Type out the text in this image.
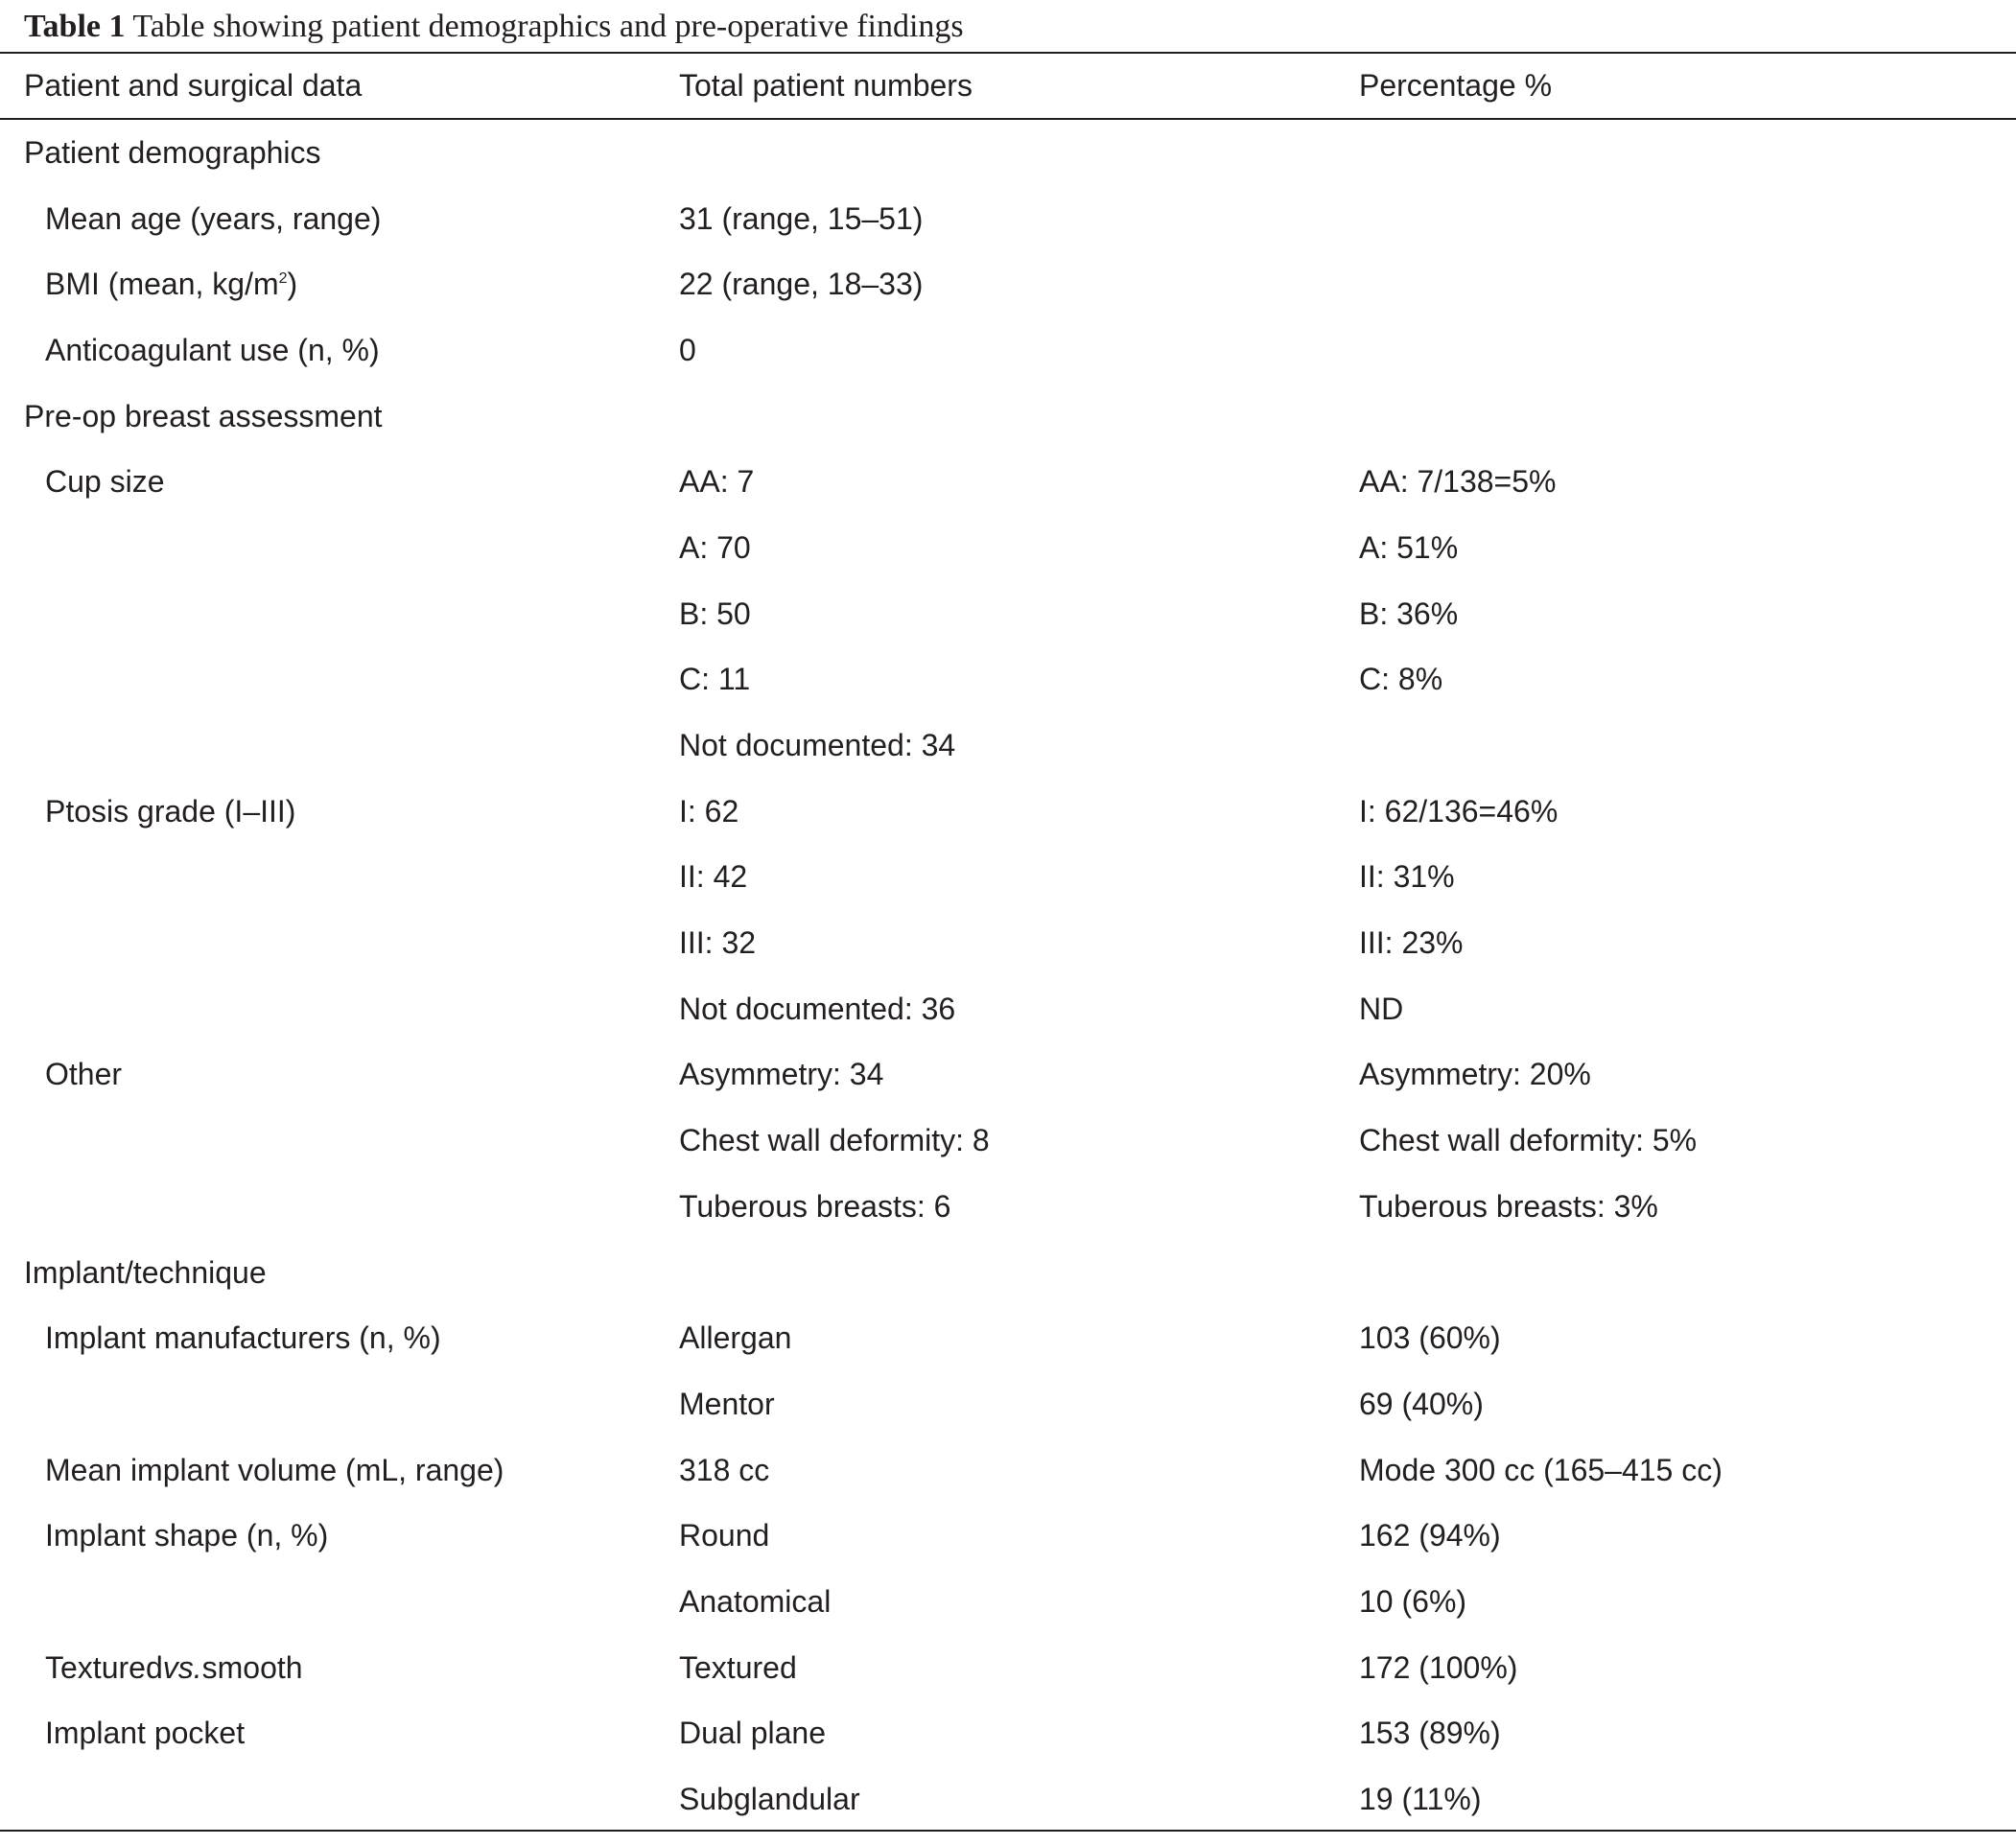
Table 1 Table showing patient demographics and pre-operative findings
Patient and surgical data	Total patient numbers	Percentage %
Patient demographics
Mean age (years, range)	31 (range, 15–51)
BMI (mean, $kg/m^2$ )	22 (range, 18–33)
Anticoagulant use (n, %)	0
Pre-op breast assessment
Cup size	AA: 7	AA: 7/138=5%
A: 70	A: 51%
B: 50	B: 36%
C: 11	C: 8%
Not documented: 34
Ptosis grade (I–III)	I: 62	I: 62/136=46%
II: 42	II: 31%
III: 32	III: 23%
Not documented: 36	ND
Other	Asymmetry: 34	Asymmetry: 20%
Chest wall deformity: 8	Chest wall deformity: 5%
Tuberous breasts: 6	Tuberous breasts: 3%
Implant/technique
Implant manufacturers (n, %)	Allergan	103 (60%)
Mentor	69 (40%)
Mean implant volume (mL, range)	318 cc	Mode 300 cc (165–415 cc)
Implant shape (n, %)	Round	162 (94%)
Anatomical	10 (6%)
Textured vs. smooth	Textured	172 (100%)
Implant pocket	Dual plane	153 (89%)
Subglandular	19 (11%)
